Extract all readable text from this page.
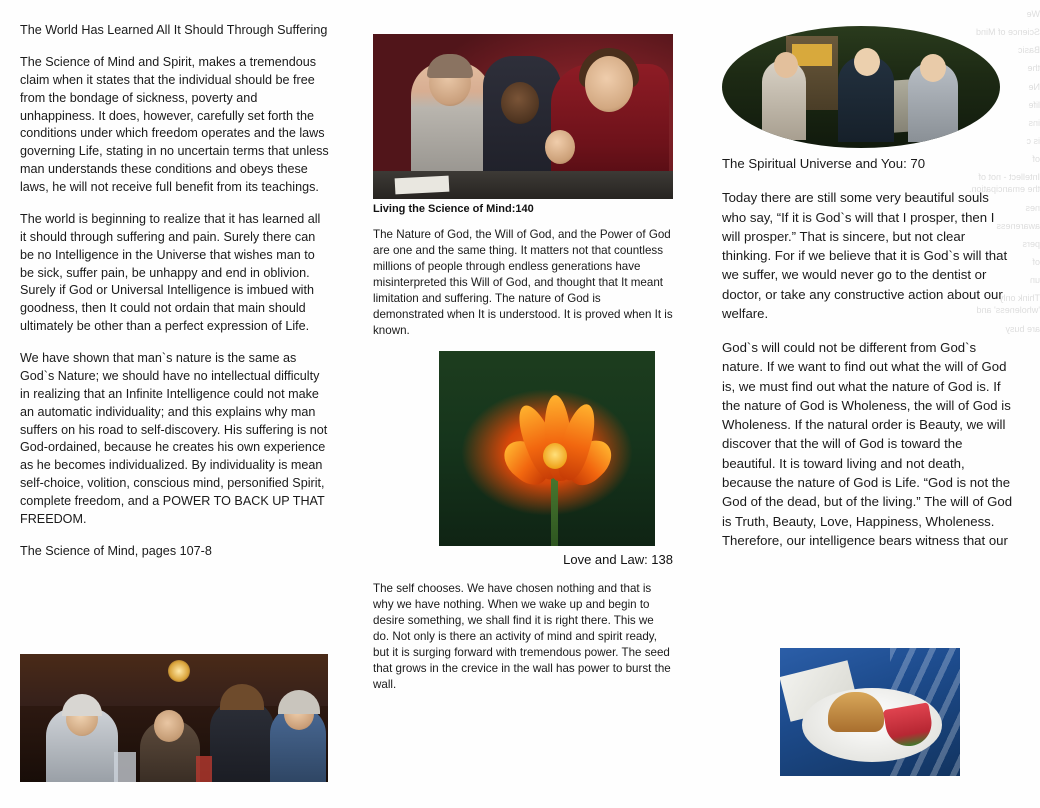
We
Science of Mind
Basic
the
Ne
life
ins
is c
of
Intellect - not of the emancipation.
nes
awareness
pers
of
un
Think only 'wholeness' and
are busy

The World Has Learned All It Should Through Suffering

The Science of Mind and Spirit, makes a tremendous claim when it states that the individual should be free from the bondage of sickness, poverty and unhappiness. It does, however, carefully set forth the conditions under which freedom operates and the laws governing Life, stating in no uncertain terms that unless man understands these conditions and obeys these laws, he will not receive full benefit from its teachings.

The world is beginning to realize that it has learned all it should through suffering and pain. Surely there can be no Intelligence in the Universe that wishes man to be sick, suffer pain, be unhappy and end in oblivion. Surely if God or Universal Intelligence is imbued with goodness, then It could not ordain that main should ultimately be other than a perfect expression of Life.

We have shown that man`s nature is the same as God`s Nature; we should have no intellectual difficulty in realizing that an Infinite Intelligence could not make an automatic individuality; and this explains why man suffers on his road to self-discovery. His suffering is not God-ordained, because he creates his own experience as he becomes individualized. By individuality is mean self-choice, volition, conscious mind, personified Spirit, complete freedom, and a POWER TO BACK UP THAT FREEDOM.

The Science of Mind, pages 107-8

Living the Science of Mind:140

The Nature of God, the Will of God, and the Power of God are one and the same thing. It matters not that countless millions of people through endless generations have misinterpreted this Will of God, and thought that It meant limitation and suffering. The nature of God is demonstrated when It is understood. It is proved when It is known.

Love and Law: 138

The self chooses. We have chosen nothing and that is why we have nothing. When we wake up and begin to desire something, we shall find it is right there. This we do. Not only is there an activity of mind and spirit ready, but it is surging forward with tremendous power. The seed that grows in the crevice in the wall has power to burst the wall.

The Spiritual Universe and You: 70

Today there are still some very beautiful souls who say, “If it is God`s will that I prosper, then I will prosper.” That is sincere, but not clear thinking. For if we believe that it is God`s will that we suffer, we would never go to the dentist or doctor, or take any constructive action about our welfare.

God`s will could not be different from God`s nature. If we want to find out what the will of God is, we must find out what the nature of God is. If the nature of God is Wholeness, the will of God is Wholeness. If the natural order is Beauty, we will discover that the will of God is toward the beautiful. It is toward living and not death, because the nature of God is Life. “God is not the God of the dead, but of the living.” The will of God is Truth, Beauty, Love, Happiness, Wholeness. Therefore, our intelligence bears witness that our
